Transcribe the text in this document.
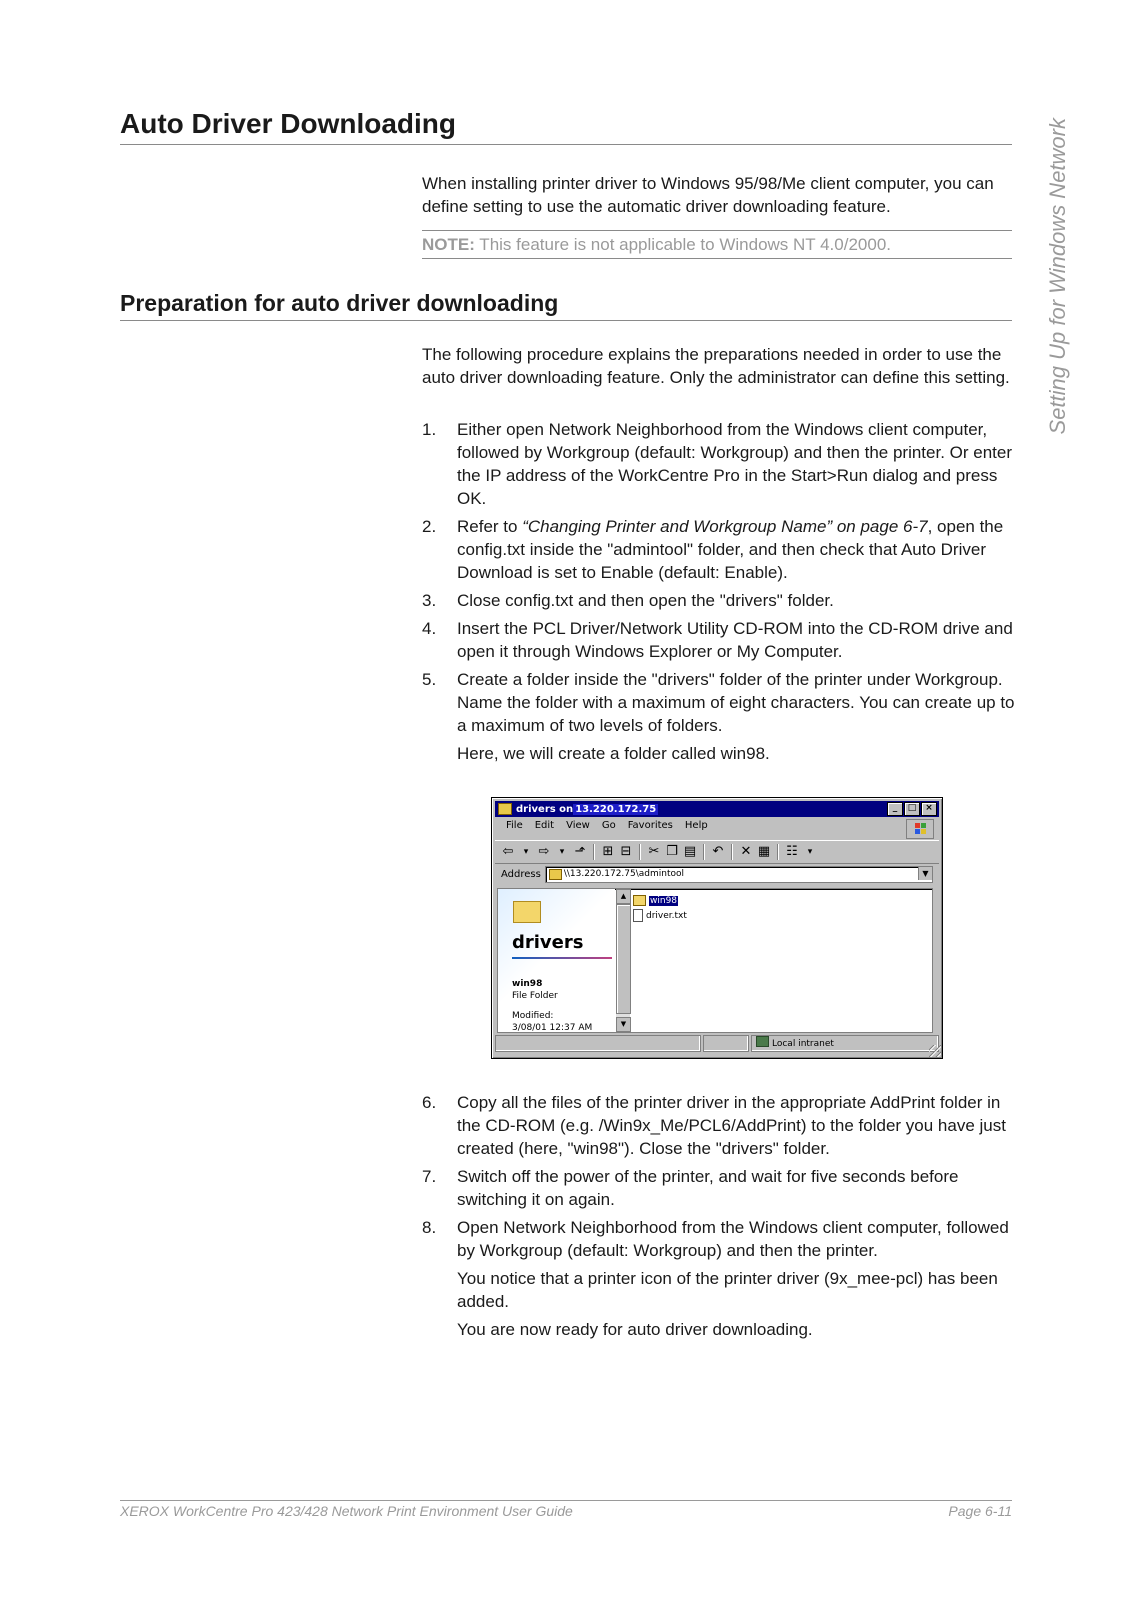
Auto Driver Downloading
When installing printer driver to Windows 95/98/Me client computer, you can define setting to use the automatic driver downloading feature.
NOTE: This feature is not applicable to Windows NT 4.0/2000.
Preparation for auto driver downloading
The following procedure explains the preparations needed in order to use the auto driver downloading feature. Only the administrator can define this setting.
1. Either open Network Neighborhood from the Windows client computer, followed by Workgroup (default: Workgroup) and then the printer. Or enter the IP address of the WorkCentre Pro in the Start>Run dialog and press OK.
2. Refer to “Changing Printer and Workgroup Name” on page 6-7, open the config.txt inside the "admintool" folder, and then check that Auto Driver Download is set to Enable (default: Enable).
3. Close config.txt and then open the "drivers" folder.
4. Insert the PCL Driver/Network Utility CD-ROM into the CD-ROM drive and open it through Windows Explorer or My Computer.
5. Create a folder inside the "drivers" folder of the printer under Workgroup. Name the folder with a maximum of eight characters. You can create up to a maximum of two levels of folders.
Here, we will create a folder called win98.
drivers on 13.220.172.75	_	□ ×
File Edit View Go Favorites Help
⇦	▾ ⇨	▾ ⬏ ⊞ ⊟ ✂ ❐ ▤ ↶ ✕ ▦ ☷	▾
Address	\\13.220.172.75\admintool	▼
drivers
win98
File Folder
Modified:
3/08/01 12:37 AM
▲
▼
win98
driver.txt
Local intranet
6. Copy all the files of the printer driver in the appropriate AddPrint folder in the CD-ROM (e.g. /Win9x_Me/PCL6/AddPrint) to the folder you have just created (here, "win98"). Close the "drivers" folder.
7. Switch off the power of the printer, and wait for five seconds before switching it on again.
8. Open Network Neighborhood from the Windows client computer, followed by Workgroup (default: Workgroup) and then the printer.
You notice that a printer icon of the printer driver (9x_mee-pcl) has been added.
You are now ready for auto driver downloading.
Setting Up for Windows Network
XEROX WorkCentre Pro 423/428 Network Print Environment User Guide	Page 6-11
